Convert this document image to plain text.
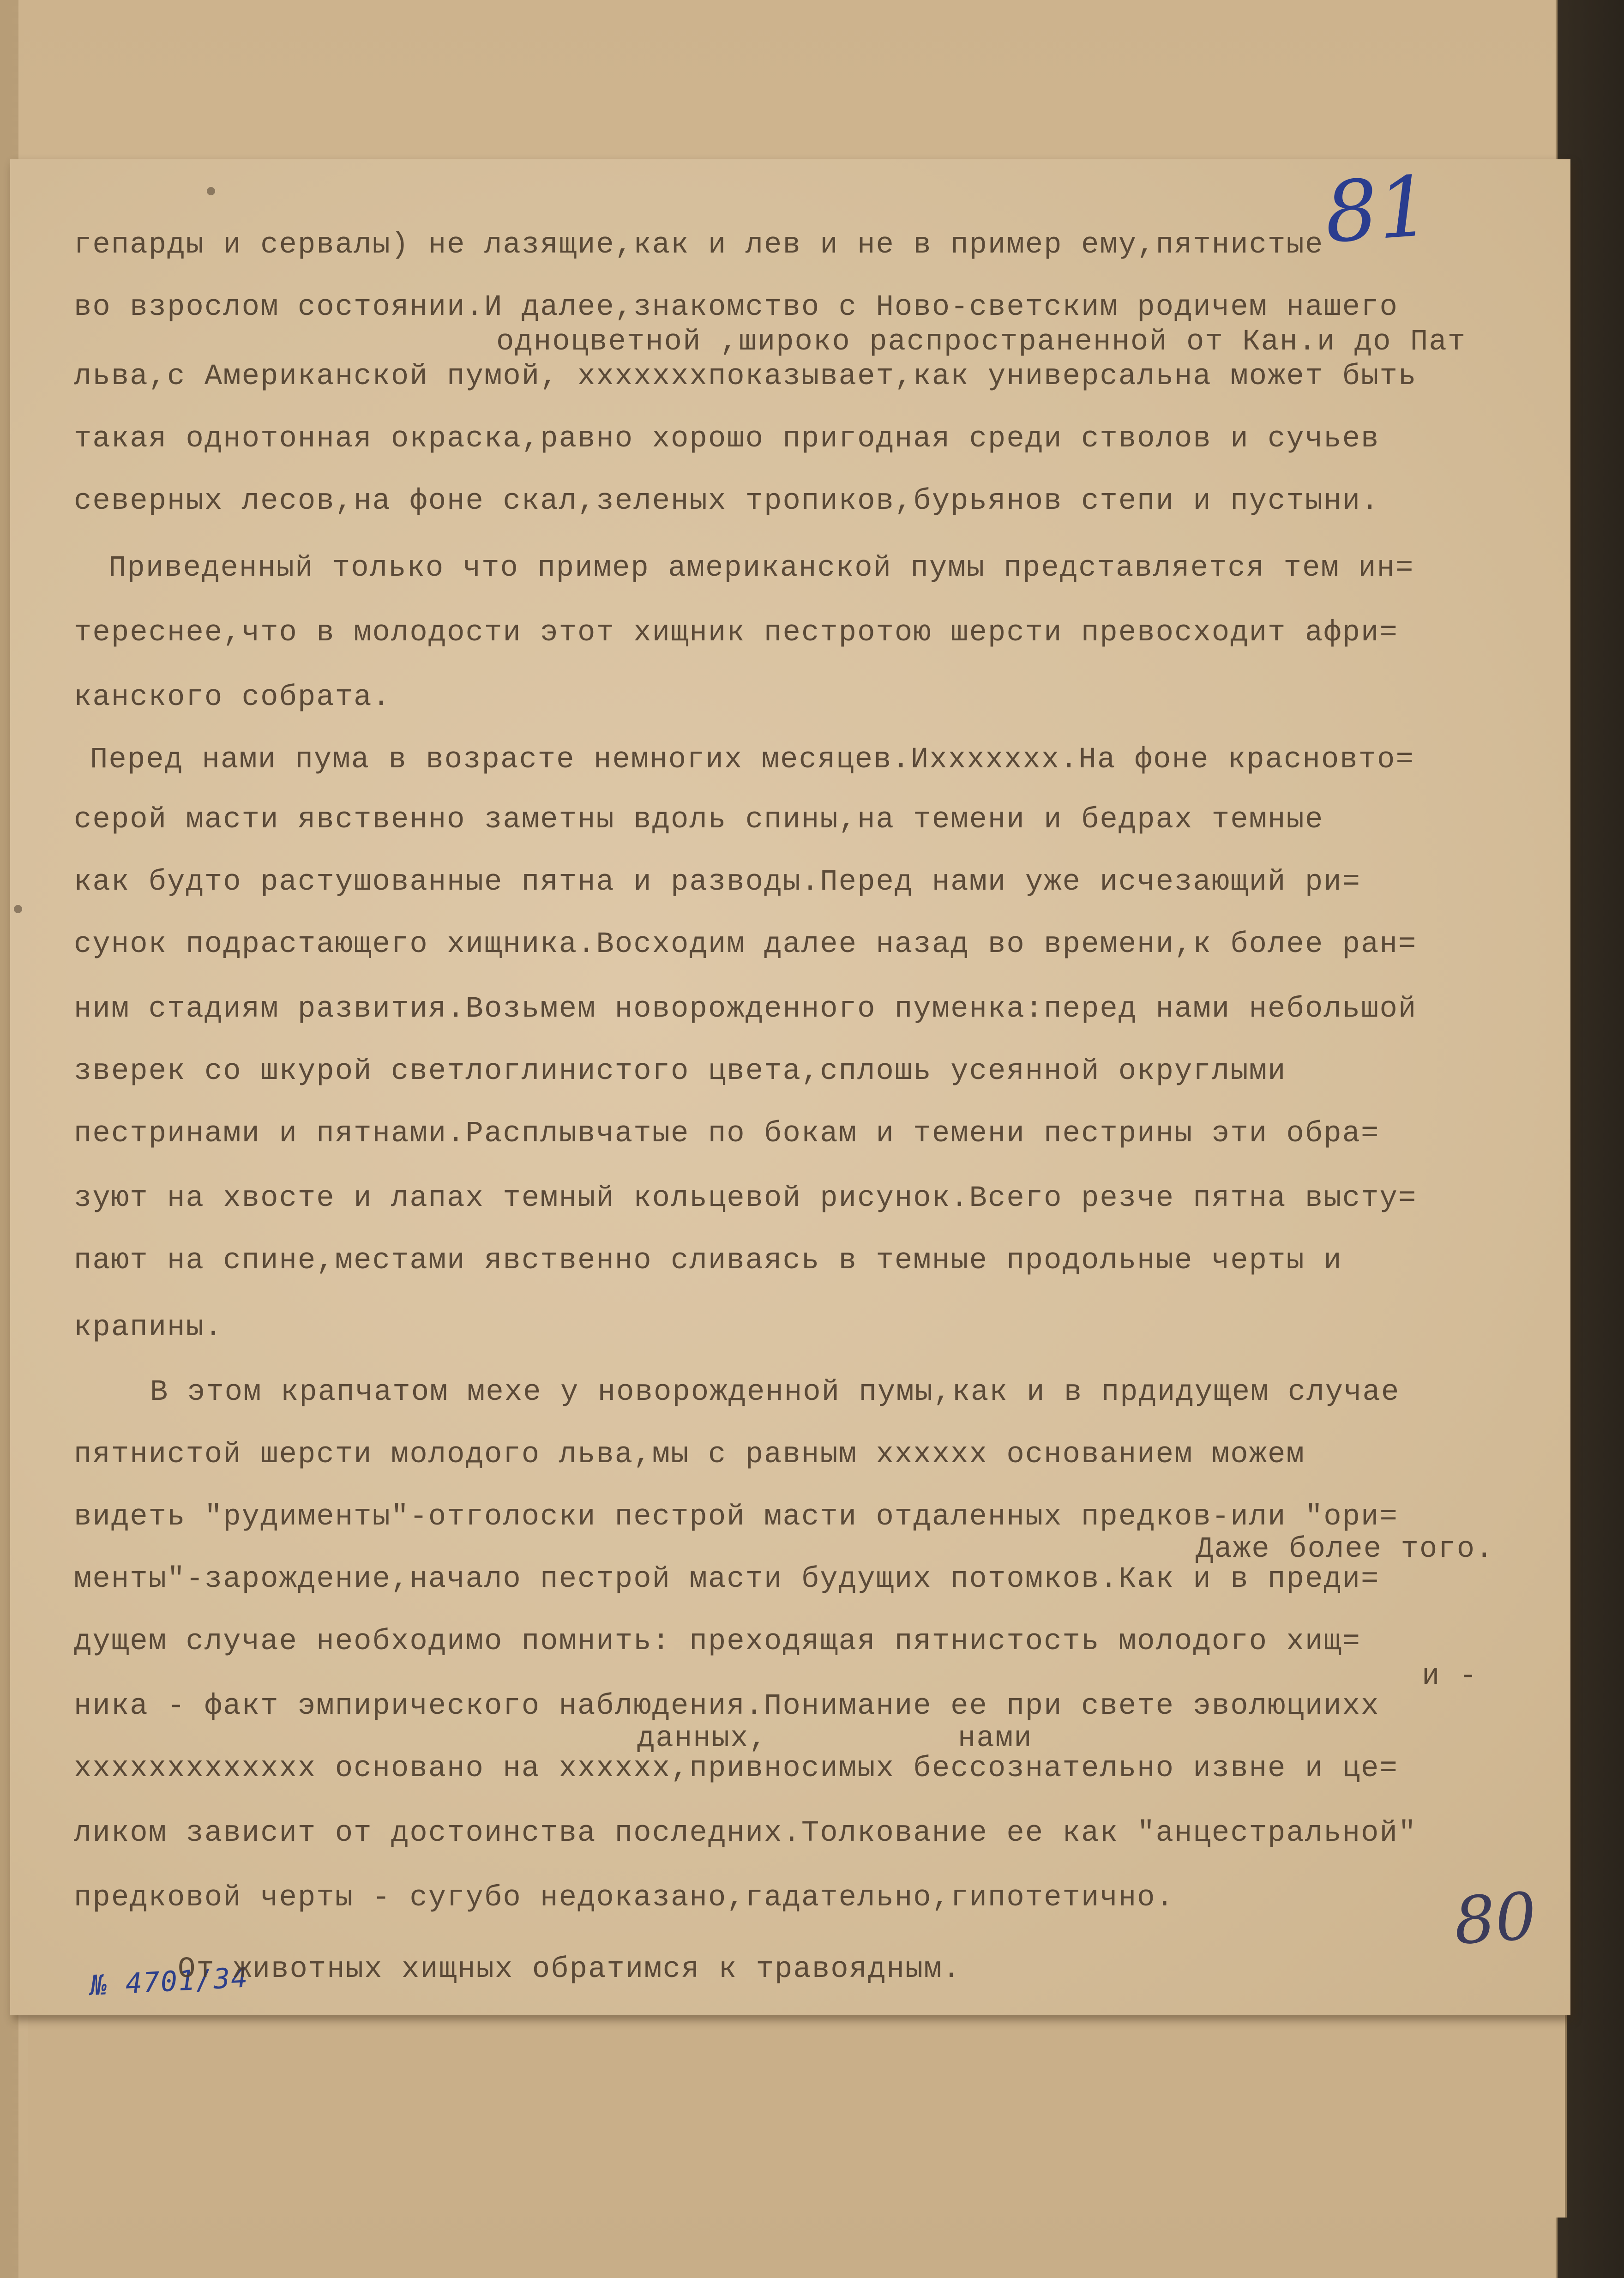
81
80
№ 4701/34
гепарды и сервалы) не лазящие,как и лев и не в пример ему,пятнистые
во взрослом состоянии.И далее,знакомство с Ново-светским родичем нашего
одноцветной ,широко распространенной от Кан.и до Пат
льва,с Американской пумой, хххххххпоказывает,как универсальна может быть
такая однотонная окраска,равно хорошо пригодная среди стволов и сучьев
северных лесов,на фоне скал,зеленых тропиков,бурьянов степи и пустыни.
Приведенный только что пример американской пумы представляется тем ин=
тереснее,что в молодости этот хищник пестротою шерсти превосходит афри=
канского собрата.
Перед нами пума в возрасте немногих месяцев.Иххххххх.На фоне красновто=
серой масти явственно заметны вдоль спины,на темени и бедрах темные
как будто растушованные пятна и разводы.Перед нами уже исчезающий ри=
сунок подрастающего хищника.Восходим далее назад во времени,к более ран=
ним стадиям развития.Возьмем новорожденного пуменка:перед нами небольшой
зверек со шкурой светлоглинистого цвета,сплошь усеянной округлыми
пестринами и пятнами.Расплывчатые по бокам и темени пестрины эти обра=
зуют на хвосте и лапах темный кольцевой рисунок.Всего резче пятна высту=
пают на спине,местами явственно сливаясь в темные продольные черты и
крапины.
В этом крапчатом мехе у новорожденной пумы,как и в прдидущем случае
пятнистой шерсти молодого льва,мы с равным хххххх основанием можем
видеть "рудименты"-отголоски пестрой масти отдаленных предков-или "ори=
Даже более того.
менты"-зарождение,начало пестрой масти будущих потомков.Как и в преди=
дущем случае необходимо помнить: преходящая пятнистость молодого хищ=
и -
ника - факт эмпирического наблюдения.Понимание ее при свете эволюциихх
данных,	нами
ххххххххххххх основано на хххххх,привносимых бессознательно извне и це=
ликом зависит от достоинства последних.Толкование ее как "анцестральной"
предковой черты - сугубо недоказано,гадательно,гипотетично.
От животных хищных обратимся к травоядным.
